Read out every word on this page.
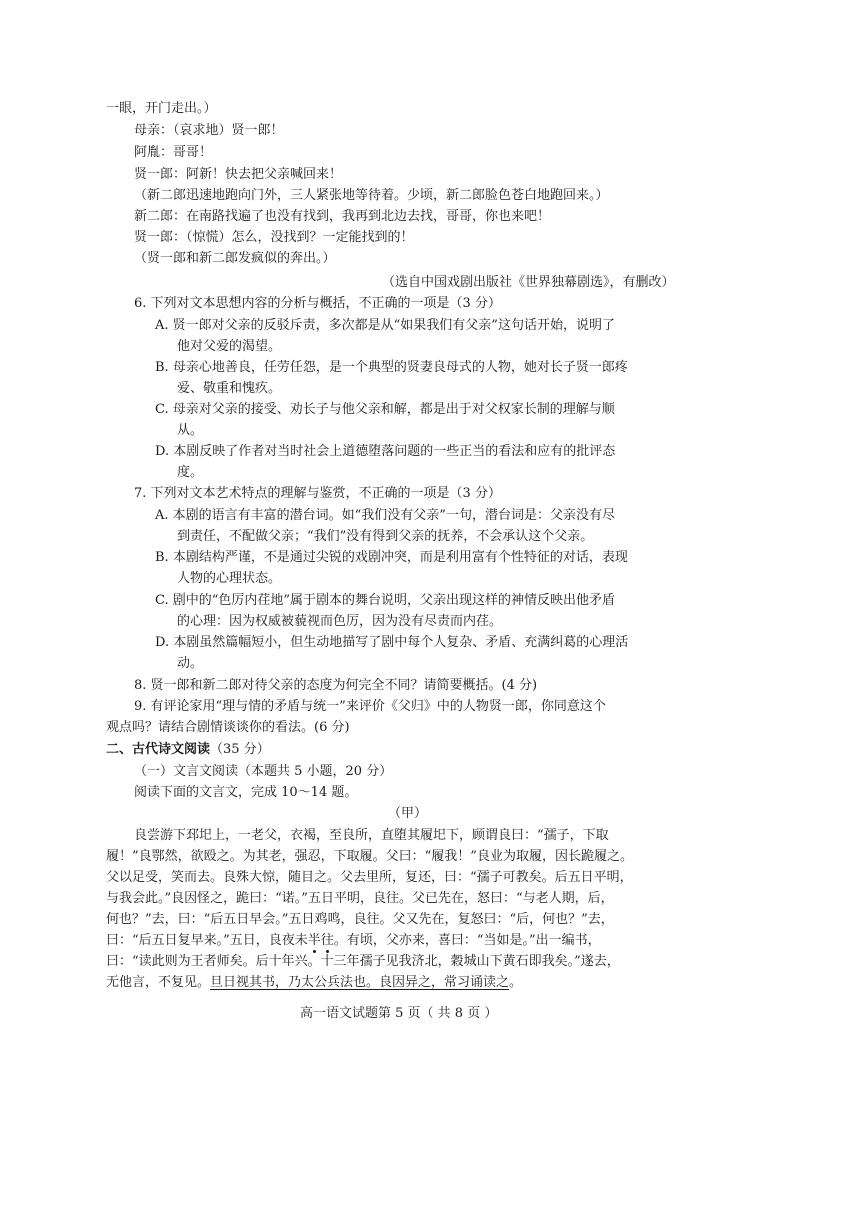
一眼，开门走出。）
母亲：（哀求地）贤一郎！
阿胤：哥哥！
贤一郎：阿新！快去把父亲喊回来！
（新二郎迅速地跑向门外，三人紧张地等待着。少顷，新二郎脸色苍白地跑回来。）
新二郎：在南路找遍了也没有找到，我再到北边去找，哥哥，你也来吧！
贤一郎：（惊慌）怎么，没找到？一定能找到的！
（贤一郎和新二郎发疯似的奔出。）
（选自中国戏剧出版社《世界独幕剧选》，有删改）
6. 下列对文本思想内容的分析与概括，不正确的一项是（3 分）
A. 贤一郎对父亲的反驳斥责，多次都是从“如果我们有父亲”这句话开始，说明了
他对父爱的渴望。
B. 母亲心地善良，任劳任怨，是一个典型的贤妻良母式的人物，她对长子贤一郎疼
爱、敬重和愧疚。
C. 母亲对父亲的接受、劝长子与他父亲和解，都是出于对父权家长制的理解与顺
从。
D. 本剧反映了作者对当时社会上道德堕落问题的一些正当的看法和应有的批评态
度。
7. 下列对文本艺术特点的理解与鉴赏，不正确的一项是（3 分）
A. 本剧的语言有丰富的潜台词。如“我们没有父亲”一句，潜台词是：父亲没有尽
到责任，不配做父亲；“我们”没有得到父亲的抚养，不会承认这个父亲。
B. 本剧结构严谨，不是通过尖锐的戏剧冲突，而是利用富有个性特征的对话，表现
人物的心理状态。
C. 剧中的“色厉内荏地”属于剧本的舞台说明，父亲出现这样的神情反映出他矛盾
的心理：因为权威被藐视而色厉，因为没有尽责而内荏。
D. 本剧虽然篇幅短小，但生动地描写了剧中每个人复杂、矛盾、充满纠葛的心理活
动。
8. 贤一郎和新二郎对待父亲的态度为何完全不同？请简要概括。(4 分)
9. 有评论家用“理与情的矛盾与统一”来评价《父归》中的人物贤一郎，你同意这个
观点吗？请结合剧情谈谈你的看法。(6 分)
二、古代诗文阅读（35 分）
（一）文言文阅读（本题共 5 小题，20 分）
阅读下面的文言文，完成 10～14 题。
（甲）
良尝游下邳圯上，一老父，衣褐，至良所，直堕其履圯下，顾谓良曰：“孺子，下取
履！”良鄂然，欲殴之。为其老，强忍，下取履。父曰：“履我！”良业为取履，因长跪履之。
父以足受，笑而去。良殊大惊，随目之。父去里所，复还，曰：“孺子可教矣。后五日平明，
与我会此。”良因怪之，跪曰：“诺。”五日平明，良往。父已先在，怒曰：“与老人期，后，
何也？”去，曰：“后五日早会。”五日鸡鸣，良往。父又先在，复怒曰：“后，何也？”去，
曰：“后五日复早来。”五日，良夜未半往。有顷，父亦来，喜曰：“当如是。”出一编书，
曰：“读此则为王者师矣。后十年兴。十三年孺子见我济北，穀城山下黄石即我矣。”遂去，
无他言，不复见。旦日视其书，乃太公兵法也。良因异之，常习诵读之。
高一语文试题第 5 页（ 共 8 页 ）
